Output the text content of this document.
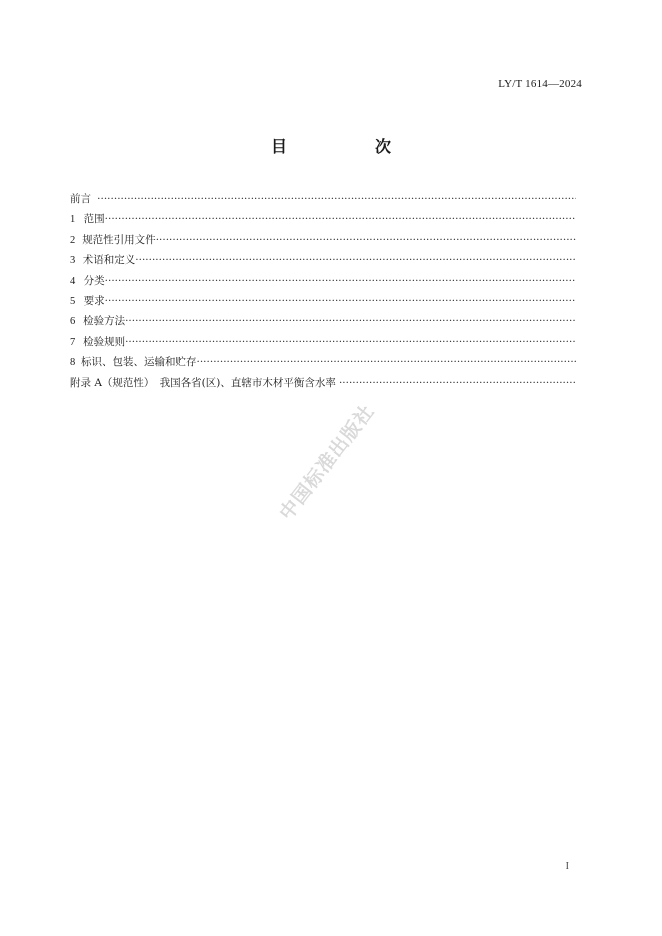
LY/T 1614—2024
目　次
前言
·····
1 范围
·····
2 规范性引用文件
·····
3 术语和定义
·····
4 分类
·····
5 要求
·····
6 检验方法
·····
7 检验规则
·····
8 标识、包装、运输和贮存
·····
附录 A（规范性）　我国各省(区)、直辖市木材平衡含水率
·····
中国标准出版社
I
